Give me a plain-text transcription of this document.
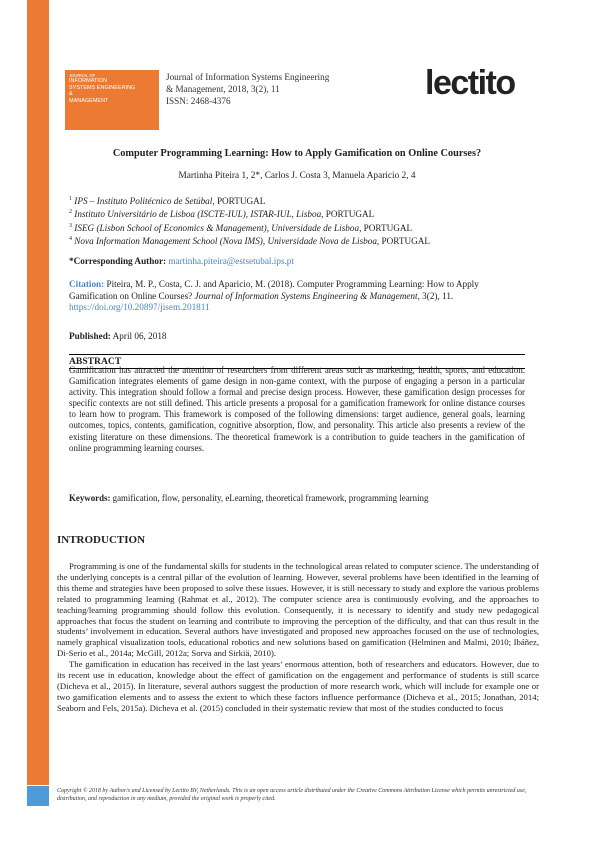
JOURNAL OF
INFORMATION
SYSTEMS ENGINEERING
&
MANAGEMENT
Journal of Information Systems Engineering
& Management, 2018, 3(2), 11
ISSN: 2468-4376	lectito
Computer Programming Learning: How to Apply Gamification on Online Courses?
Martinha Piteira 1, 2*, Carlos J. Costa 3, Manuela Aparicio 2, 4
$^1$ IPS – Instituto Politécnico de Setúbal, PORTUGAL
$^2$ Instituto Universitário de Lisboa (ISCTE-IUL), ISTAR-IUL, Lisboa, PORTUGAL
$^3$ ISEG (Lisbon School of Economics & Management), Universidade de Lisboa, PORTUGAL
$^4$ Nova Information Management School (Nova IMS), Universidade Nova de Lisboa, PORTUGAL
*Corresponding Author: martinha.piteira@estsetubal.ips.pt
Citation: Piteira, M. P., Costa, C. J. and Aparicio, M. (2018). Computer Programming Learning: How to Apply Gamification on Online Courses? Journal of Information Systems Engineering & Management, 3(2), 11. https://doi.org/10.20897/jisem.201811
Published: April 06, 2018
ABSTRACT
Gamification has attracted the attention of researchers from different areas such as marketing, health, sports, and education. Gamification integrates elements of game design in non-game context, with the purpose of engaging a person in a particular activity. This integration should follow a formal and precise design process. However, these gamification design processes for specific contexts are not still defined. This article presents a proposal for a gamification framework for online distance courses to learn how to program. This framework is composed of the following dimensions: target audience, general goals, learning outcomes, topics, contents, gamification, cognitive absorption, flow, and personality. This article also presents a review of the existing literature on these dimensions. The theoretical framework is a contribution to guide teachers in the gamification of online programming learning courses.
Keywords: gamification, flow, personality, eLearning, theoretical framework, programming learning
INTRODUCTION

Programming is one of the fundamental skills for students in the technological areas related to computer science. The understanding of the underlying concepts is a central pillar of the evolution of learning. However, several problems have been identified in the learning of this theme and strategies have been proposed to solve these issues. However, it is still necessary to study and explore the various problems related to programming learning (Rahmat et al., 2012). The computer science area is continuously evolving, and the approaches to teaching/learning programming should follow this evolution. Consequently, it is necessary to identify and study new pedagogical approaches that focus the student on learning and contribute to improving the perception of the difficulty, and that can thus result in the students’ involvement in education. Several authors have investigated and proposed new approaches focused on the use of technologies, namely graphical visualization tools, educational robotics and new solutions based on gamification (Helminen and Malmi, 2010; Ibáñez, Di-Serio et al., 2014a; McGill, 2012a; Sorva and Sirkiä, 2010).

The gamification in education has received in the last years’ enormous attention, both of researchers and educators. However, due to its recent use in education, knowledge about the effect of gamification on the engagement and performance of students is still scarce (Dicheva et al., 2015). In literature, several authors suggest the production of more research work, which will include for example one or two gamification elements and to assess the extent to which these factors influence performance (Dicheva et al., 2015; Jonathan, 2014; Seaborn and Fels, 2015a). Dicheva et al. (2015) concluded in their systematic review that most of the studies conducted to focus

Copyright © 2018 by Author/s and Licensed by Lectito BV, Netherlands. This is an open access article distributed under the Creative Commons Attribution License which permits unrestricted use, distribution, and reproduction in any medium, provided the original work is properly cited.
